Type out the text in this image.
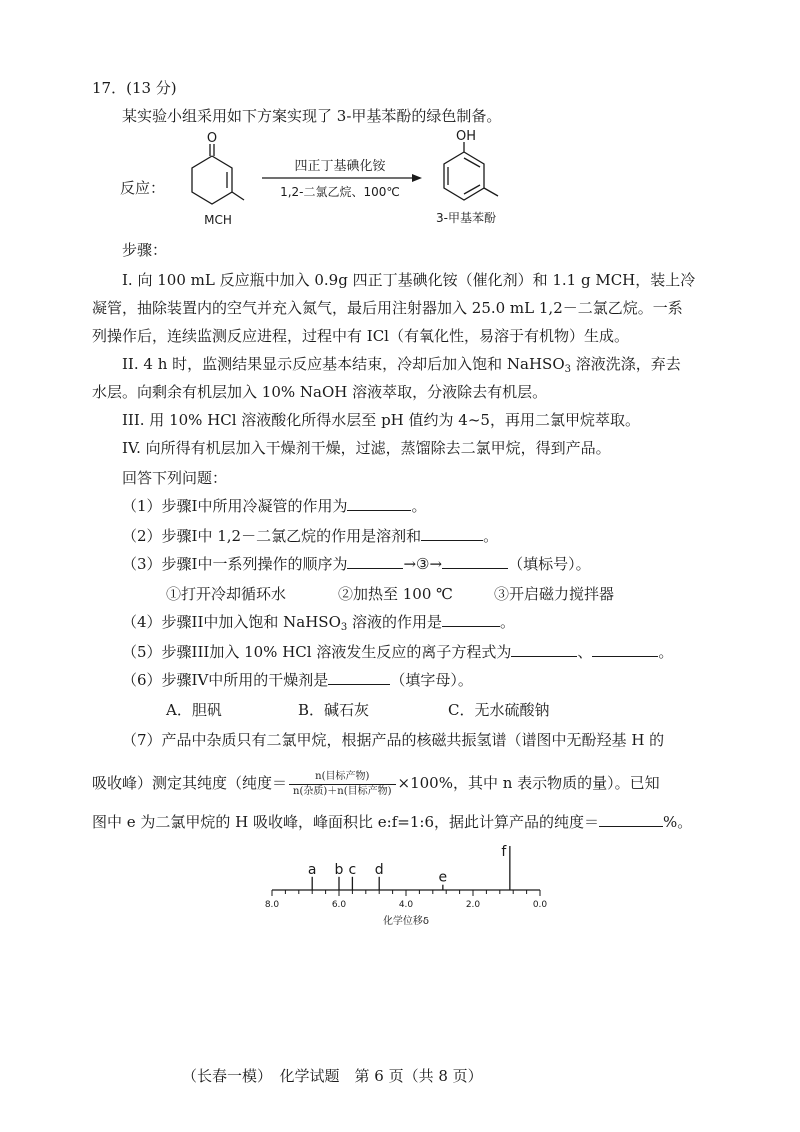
17．(13 分)
某实验小组采用如下方案实现了 3-甲基苯酚的绿色制备。
反应：
O
MCH
四正丁基碘化铵
1,2-二氯乙烷、100℃
OH
3-甲基苯酚
步骤：
I. 向 100 mL 反应瓶中加入 0.9g 四正丁基碘化铵（催化剂）和 1.1 g MCH，装上冷
凝管，抽除装置内的空气并充入氮气，最后用注射器加入 25.0 mL 1,2－二氯乙烷。一系
列操作后，连续监测反应进程，过程中有 ICl（有氧化性，易溶于有机物）生成。
II. 4 h 时，监测结果显示反应基本结束，冷却后加入饱和 NaHSO$_3$ 溶液洗涤，弃去
水层。向剩余有机层加入 10% NaOH 溶液萃取，分液除去有机层。
III. 用 10% HCl 溶液酸化所得水层至 pH 值约为 4~5，再用二氯甲烷萃取。
IV. 向所得有机层加入干燥剂干燥，过滤，蒸馏除去二氯甲烷，得到产品。
回答下列问题：
（1）步骤I中所用冷凝管的作用为	。
（2）步骤I中 1,2－二氯乙烷的作用是溶剂和	。
（3）步骤I中一系列操作的顺序为	→③→	（填标号）。
①打开冷却循环水	②加热至 100 ℃	③开启磁力搅拌器
（4）步骤II中加入饱和 NaHSO$_3$ 溶液的作用是	。
（5）步骤III加入 10% HCl 溶液发生反应的离子方程式为	、	。
（6）步骤IV中所用的干燥剂是	（填字母）。
A．胆矾	B．碱石灰	C．无水硫酸钠
（7）产品中杂质只有二氯甲烷，根据产品的核磁共振氢谱（谱图中无酚羟基 H 的
吸收峰）测定其纯度（纯度＝ $\frac{\text{n(目标产物)}}{\text{n(杂质)＋n(目标产物)}} \times 100\%$，其中 n 表示物质的量）。已知
图中 e 为二氯甲烷的 H 吸收峰，峰面积比 e:f=1:6，据此计算产品的纯度＝	%。
8.0	6.0	4.0	2.0	0.0
a b c d	e
f
化学位移δ
（长春一模）　化学试题　第 6 页（共 8 页）
